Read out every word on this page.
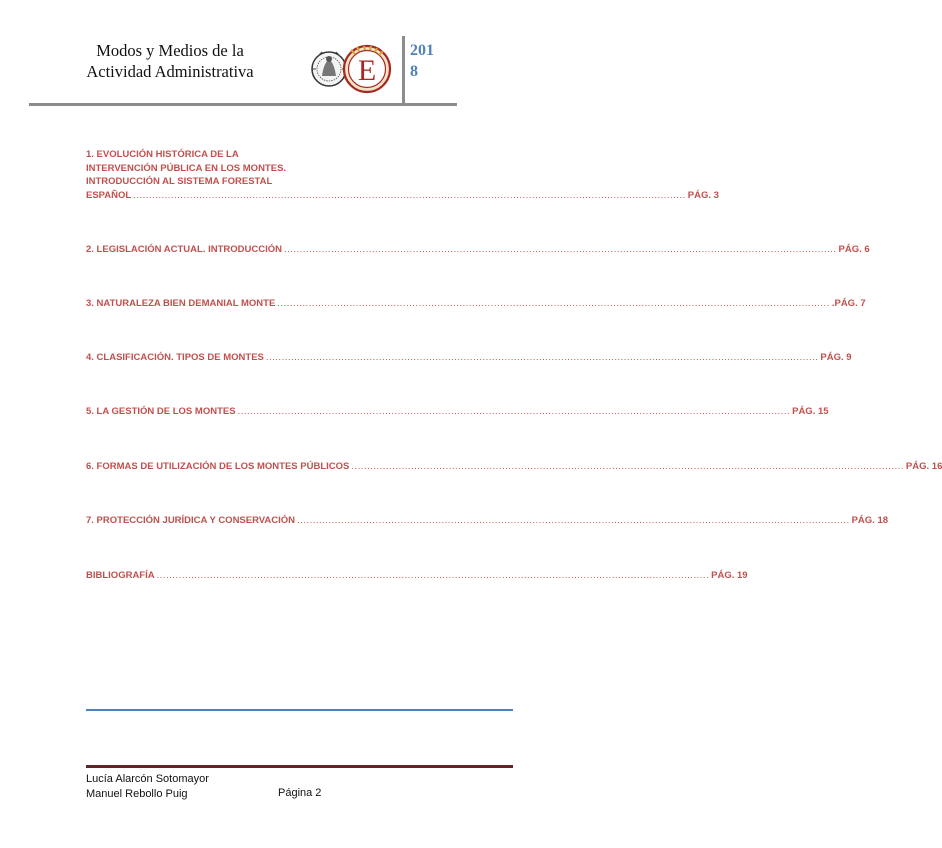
Modos y Medios de la
Actividad Administrativa	E
201
8
1. EVOLUCIÓN HISTÓRICA DE LA
INTERVENCIÓN PÚBLICA EN LOS MONTES.
INTRODUCCIÓN AL SISTEMA FORESTAL
ESPAÑOL ................................................................................................................................................................................ PÁG. 3
2. LEGISLACIÓN ACTUAL. INTRODUCCIÓN ................................................................................................................................................................................ PÁG. 6
3. NATURALEZA BIEN DEMANIAL MONTE ................................................................................................................................................................................ .PÁG. 7
4. CLASIFICACIÓN. TIPOS DE MONTES ................................................................................................................................................................................ PÁG. 9
5. LA GESTIÓN DE LOS MONTES ................................................................................................................................................................................ PÁG. 15
6. FORMAS DE UTILIZACIÓN DE LOS MONTES PÚBLICOS ................................................................................................................................................................................ PÁG. 16
7. PROTECCIÓN JURÍDICA Y CONSERVACIÓN ................................................................................................................................................................................ PÁG. 18
BIBLIOGRAFÍA ................................................................................................................................................................................ PÁG. 19
Lucía Alarcón Sotomayor
Manuel Rebollo Puig	Página 2
